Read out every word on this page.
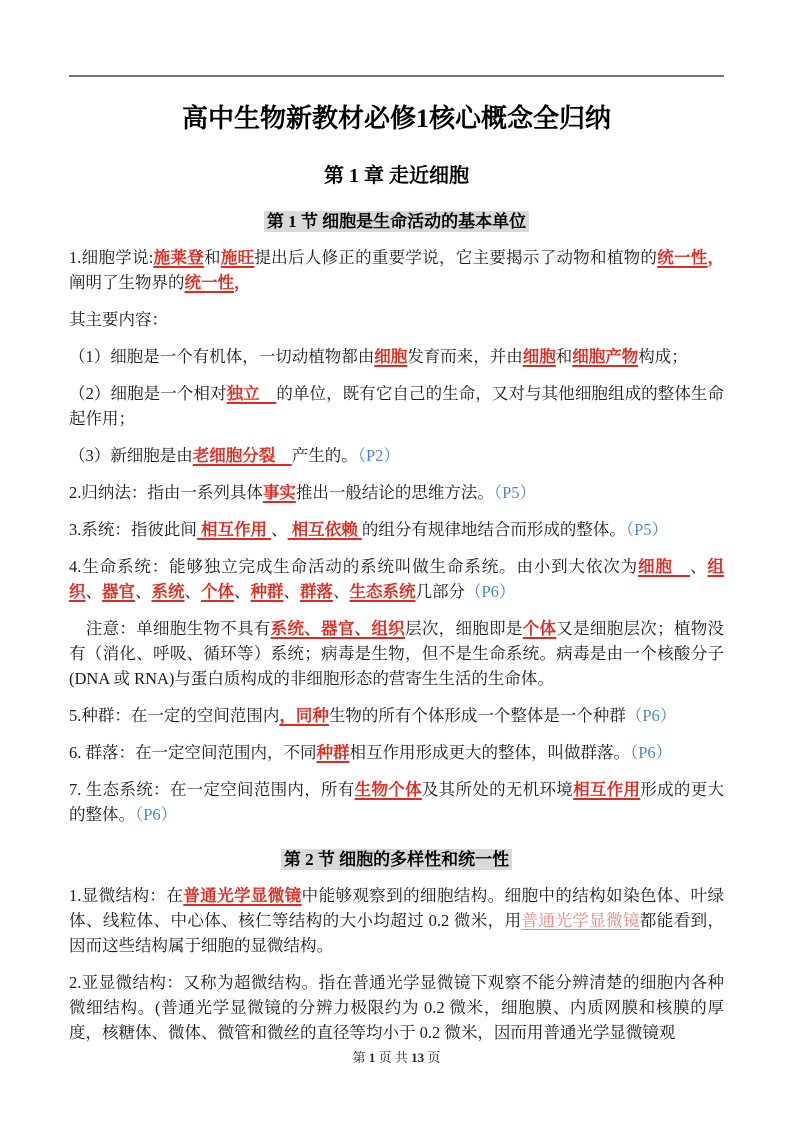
高中生物新教材必修1核心概念全归纳
第 1 章 走近细胞
第 1 节 细胞是生命活动的基本单位

1.细胞学说:施莱登和施旺提出后人修正的重要学说，它主要揭示了动物和植物的统一性，阐明了生物界的统一性，

其主要内容：

（1）细胞是一个有机体，一切动植物都由细胞发育而来，并由细胞和细胞产物构成；

（2）细胞是一个相对独立　的单位，既有它自己的生命，又对与其他细胞组成的整体生命起作用；

（3）新细胞是由老细胞分裂　产生的。（P2）

2.归纳法：指由一系列具体事实推出一般结论的思维方法。（P5）

3.系统：指彼此间 相互作用 、 相互依赖 的组分有规律地结合而形成的整体。（P5）

4.生命系统：能够独立完成生命活动的系统叫做生命系统。由小到大依次为细胞　、组织、器官、系统、个体、种群、群落、生态系统几部分（P6）

　注意：单细胞生物不具有系统、器官、组织层次，细胞即是个体又是细胞层次；植物没有（消化、呼吸、循环等）系统；病毒是生物，但不是生命系统。病毒是由一个核酸分子(DNA 或 RNA)与蛋白质构成的非细胞形态的营寄生生活的生命体。

5.种群：在一定的空间范围内，同种生物的所有个体形成一个整体是一个种群（P6）

6. 群落：在一定空间范围内，不同种群相互作用形成更大的整体，叫做群落。（P6）

7. 生态系统：在一定空间范围内，所有生物个体及其所处的无机环境相互作用形成的更大的整体。（P6）

第 2 节 细胞的多样性和统一性

1.显微结构：在普通光学显微镜中能够观察到的细胞结构。细胞中的结构如染色体、叶绿体、线粒体、中心体、核仁等结构的大小均超过 0.2 微米，用普通光学显微镜都能看到，因而这些结构属于细胞的显微结构。

2.亚显微结构：又称为超微结构。指在普通光学显微镜下观察不能分辨清楚的细胞内各种微细结构。(普通光学显微镜的分辨力极限约为 0.2 微米，细胞膜、内质网膜和核膜的厚度，核糖体、微体、微管和微丝的直径等均小于 0.2 微米，因而用普通光学显微镜观

第 1 页 共 13 页
